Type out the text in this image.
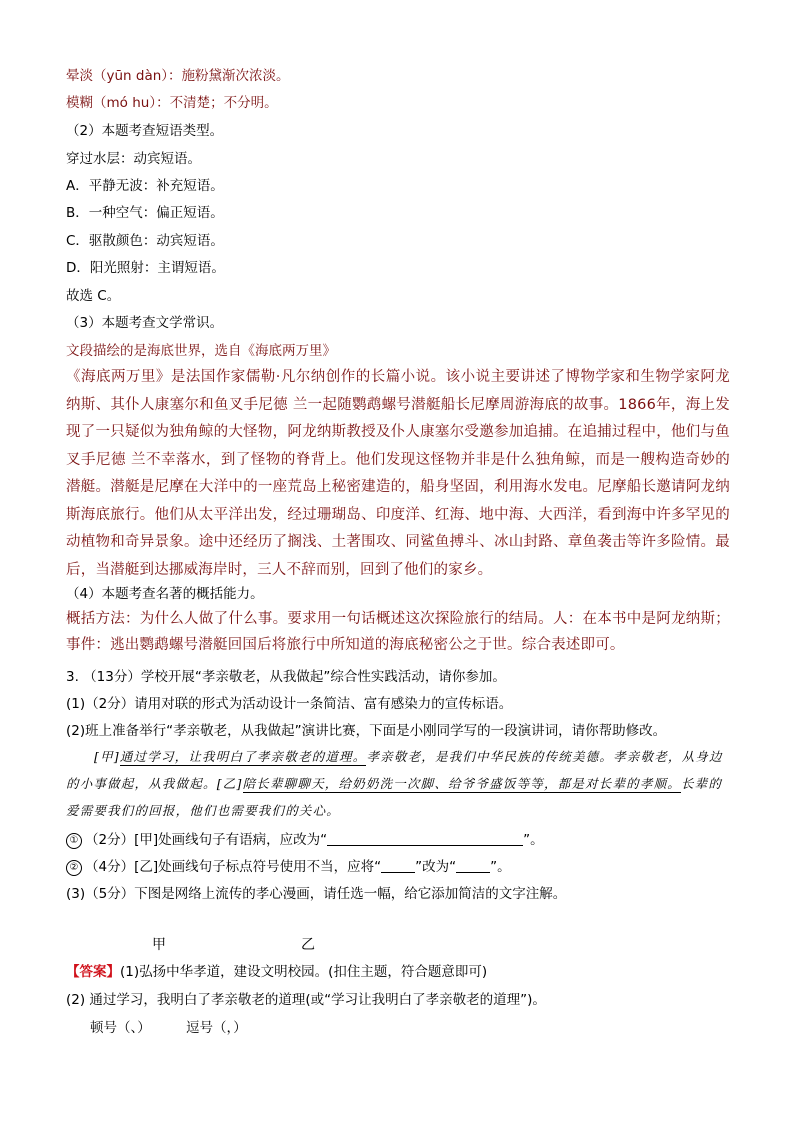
晕淡（yūn dàn）：施粉黛渐次浓淡。
模糊（mó hu）：不清楚；不分明。
（2）本题考查短语类型。
穿过水层：动宾短语。
A．平静无波：补充短语。
B．一种空气：偏正短语。
C．驱散颜色：动宾短语。
D．阳光照射：主谓短语。
故选 C。
（3）本题考查文学常识。
文段描绘的是海底世界，选自《海底两万里》
《海底两万里》是法国作家儒勒·凡尔纳创作的长篇小说。该小说主要讲述了博物学家和生物学家阿龙纳斯、其仆人康塞尔和鱼叉手尼德 兰一起随鹦鹉螺号潜艇船长尼摩周游海底的故事。1866年，海上发现了一只疑似为独角鲸的大怪物，阿龙纳斯教授及仆人康塞尔受邀参加追捕。在追捕过程中，他们与鱼叉手尼德 兰不幸落水，到了怪物的脊背上。他们发现这怪物并非是什么独角鲸，而是一艘构造奇妙的潜艇。潜艇是尼摩在大洋中的一座荒岛上秘密建造的，船身坚固，利用海水发电。尼摩船长邀请阿龙纳斯海底旅行。他们从太平洋出发，经过珊瑚岛、印度洋、红海、地中海、大西洋，看到海中许多罕见的动植物和奇异景象。途中还经历了搁浅、土著围攻、同鲨鱼搏斗、冰山封路、章鱼袭击等许多险情。最后，当潜艇到达挪威海岸时，三人不辞而别，回到了他们的家乡。
（4）本题考查名著的概括能力。
概括方法：为什么人做了什么事。要求用一句话概述这次探险旅行的结局。人：在本书中是阿龙纳斯；事件：逃出鹦鹉螺号潜艇回国后将旅行中所知道的海底秘密公之于世。综合表述即可。
3. （13分）学校开展“孝亲敬老，从我做起”综合性实践活动，请你参加。
(1)（2分）请用对联的形式为活动设计一条简洁、富有感染力的宣传标语。
(2)班上准备举行“孝亲敬老，从我做起”演讲比赛，下面是小刚同学写的一段演讲词，请你帮助修改。
[甲]通过学习，让我明白了孝亲敬老的道理。孝亲敬老，是我们中华民族的传统美德。孝亲敬老，从身边的小事做起，从我做起。[乙]陪长辈聊聊天，给奶奶洗一次脚、给爷爷盛饭等等，都是对长辈的孝顺。长辈的爱需要我们的回报，他们也需要我们的关心。
① （2分）[甲]处画线句子有语病，应改为“	”。
② （4分）[乙]处画线句子标点符号使用不当，应将“	”改为“	”。
(3)（5分）下图是网络上流传的孝心漫画，请任选一幅，给它添加简洁的文字注解。
甲	乙
【答案】(1)弘扬中华孝道，建设文明校园。(扣住主题，符合题意即可)
(2) 通过学习，我明白了孝亲敬老的道理(或“学习让我明白了孝亲敬老的道理”)。
顿号（、）	逗号（，）
